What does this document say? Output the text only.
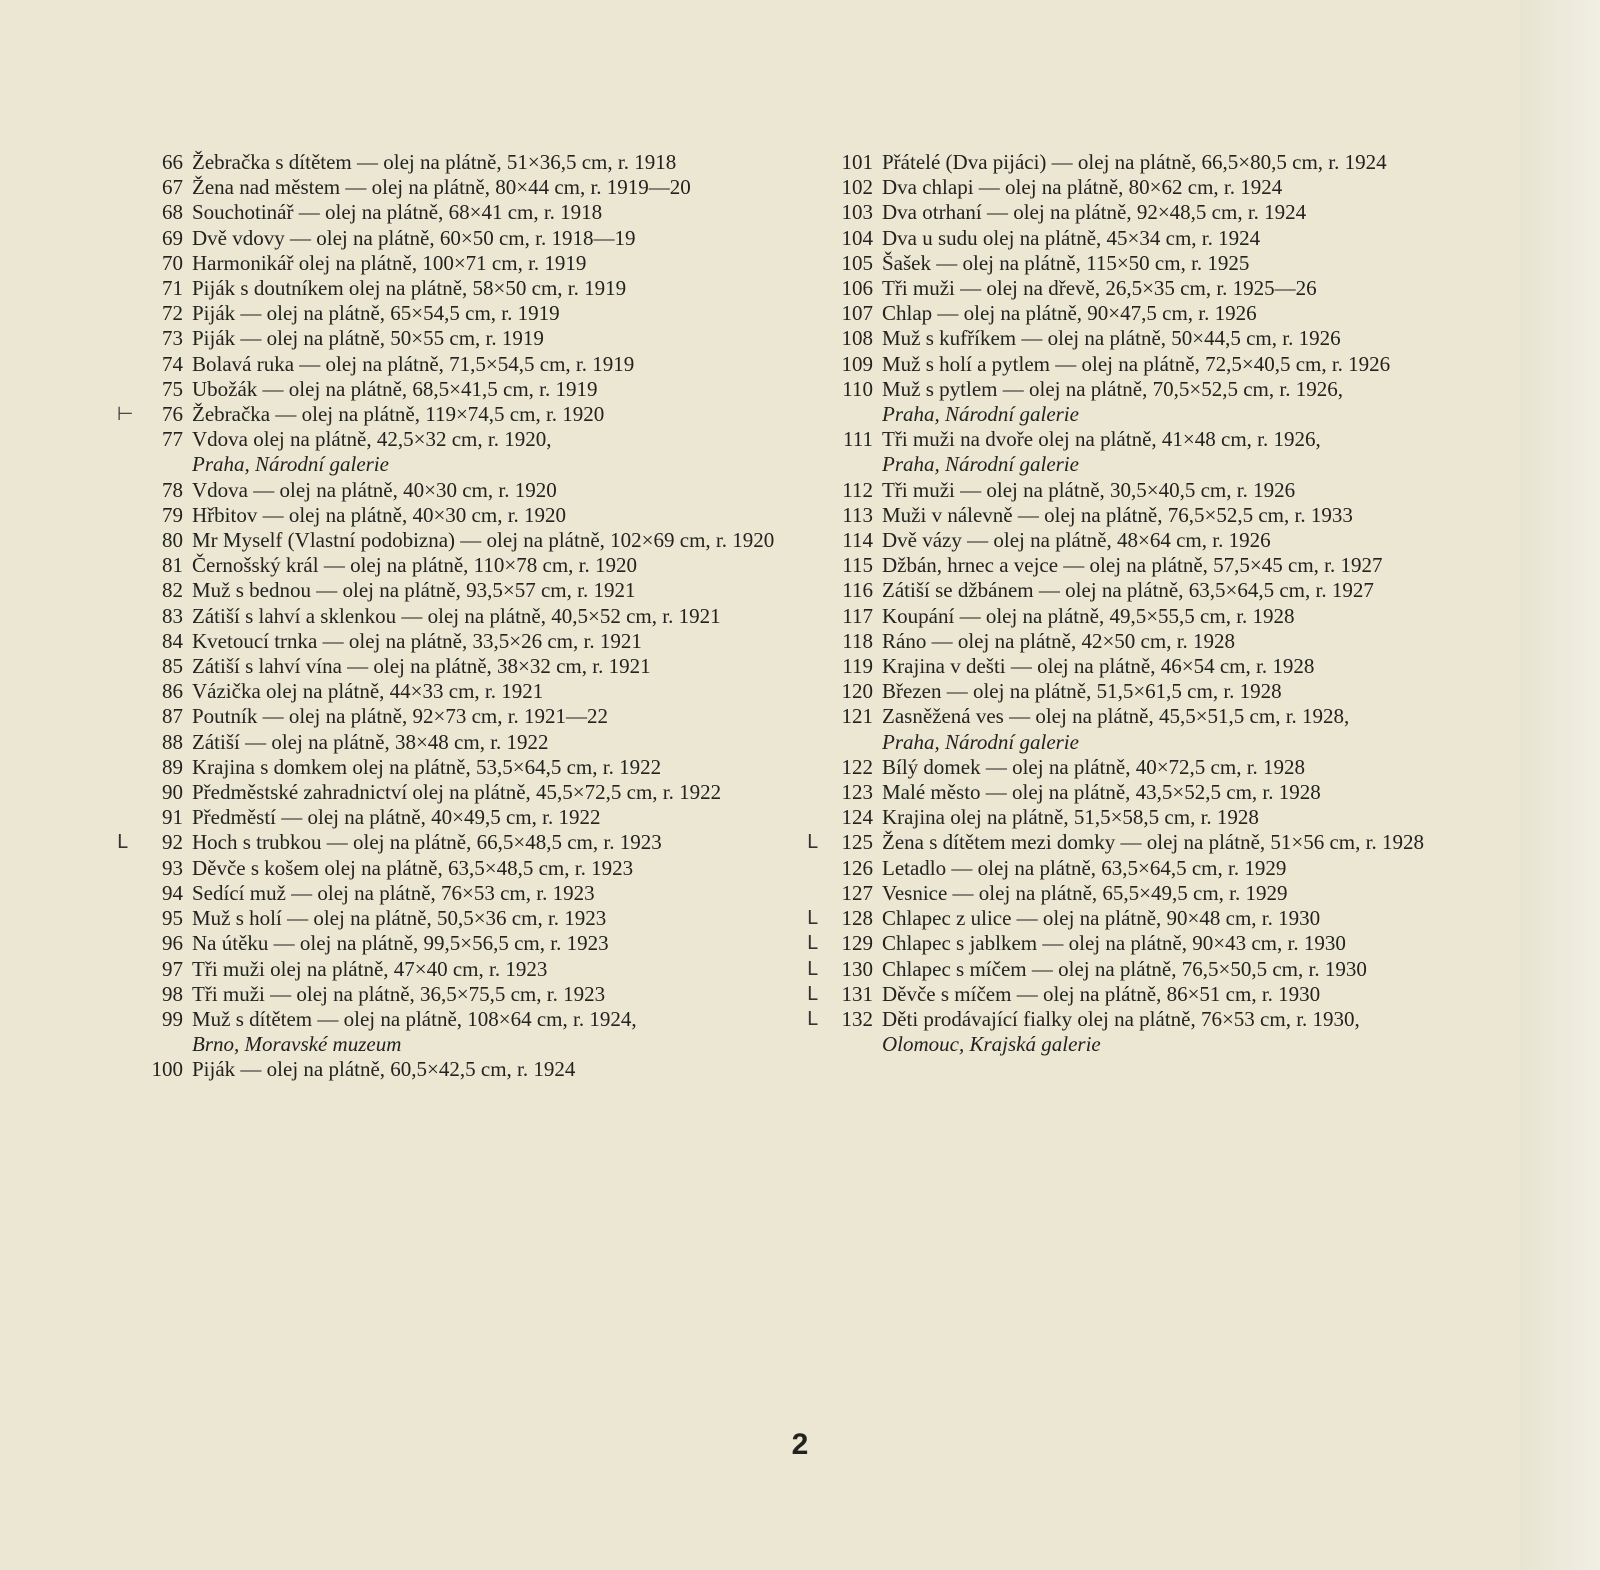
66 Žebračka s dítětem — olej na plátně, 51×36,5 cm, r. 1918
67 Žena nad městem — olej na plátně, 80×44 cm, r. 1919—20
68 Souchotinář — olej na plátně, 68×41 cm, r. 1918
69 Dvě vdovy — olej na plátně, 60×50 cm, r. 1918—19
70 Harmonikář olej na plátně, 100×71 cm, r. 1919
71 Piják s doutníkem olej na plátně, 58×50 cm, r. 1919
72 Piják — olej na plátně, 65×54,5 cm, r. 1919
73 Piják — olej na plátně, 50×55 cm, r. 1919
74 Bolavá ruka — olej na plátně, 71,5×54,5 cm, r. 1919
75 Ubožák — olej na plátně, 68,5×41,5 cm, r. 1919
⊢	76 Žebračka — olej na plátně, 119×74,5 cm, r. 1920
77 Vdova olej na plátně, 42,5×32 cm, r. 1920,
Praha, Národní galerie
78 Vdova — olej na plátně, 40×30 cm, r. 1920
79 Hřbitov — olej na plátně, 40×30 cm, r. 1920
80 Mr Myself (Vlastní podobizna) — olej na plátně, 102×69 cm, r. 1920
81 Černošský král — olej na plátně, 110×78 cm, r. 1920
82 Muž s bednou — olej na plátně, 93,5×57 cm, r. 1921
83 Zátiší s lahví a sklenkou — olej na plátně, 40,5×52 cm, r. 1921
84 Kvetoucí trnka — olej na plátně, 33,5×26 cm, r. 1921
85 Zátiší s lahví vína — olej na plátně, 38×32 cm, r. 1921
86 Vázička olej na plátně, 44×33 cm, r. 1921
87 Poutník — olej na plátně, 92×73 cm, r. 1921—22
88 Zátiší — olej na plátně, 38×48 cm, r. 1922
89 Krajina s domkem olej na plátně, 53,5×64,5 cm, r. 1922
90 Předměstské zahradnictví olej na plátně, 45,5×72,5 cm, r. 1922
91 Předměstí — olej na plátně, 40×49,5 cm, r. 1922
ᒪ	92 Hoch s trubkou — olej na plátně, 66,5×48,5 cm, r. 1923
93 Děvče s košem olej na plátně, 63,5×48,5 cm, r. 1923
94 Sedící muž — olej na plátně, 76×53 cm, r. 1923
95 Muž s holí — olej na plátně, 50,5×36 cm, r. 1923
96 Na útěku — olej na plátně, 99,5×56,5 cm, r. 1923
97 Tři muži olej na plátně, 47×40 cm, r. 1923
98 Tři muži — olej na plátně, 36,5×75,5 cm, r. 1923
99 Muž s dítětem — olej na plátně, 108×64 cm, r. 1924,
Brno, Moravské muzeum
100 Piják — olej na plátně, 60,5×42,5 cm, r. 1924
101 Přátelé (Dva pijáci) — olej na plátně, 66,5×80,5 cm, r. 1924
102 Dva chlapi — olej na plátně, 80×62 cm, r. 1924
103 Dva otrhaní — olej na plátně, 92×48,5 cm, r. 1924
104 Dva u sudu olej na plátně, 45×34 cm, r. 1924
105 Šašek — olej na plátně, 115×50 cm, r. 1925
106 Tři muži — olej na dřevě, 26,5×35 cm, r. 1925—26
107 Chlap — olej na plátně, 90×47,5 cm, r. 1926
108 Muž s kufříkem — olej na plátně, 50×44,5 cm, r. 1926
109 Muž s holí a pytlem — olej na plátně, 72,5×40,5 cm, r. 1926
110 Muž s pytlem — olej na plátně, 70,5×52,5 cm, r. 1926,
Praha, Národní galerie
111 Tři muži na dvoře olej na plátně, 41×48 cm, r. 1926,
Praha, Národní galerie
112 Tři muži — olej na plátně, 30,5×40,5 cm, r. 1926
113 Muži v nálevně — olej na plátně, 76,5×52,5 cm, r. 1933
114 Dvě vázy — olej na plátně, 48×64 cm, r. 1926
115 Džbán, hrnec a vejce — olej na plátně, 57,5×45 cm, r. 1927
116 Zátiší se džbánem — olej na plátně, 63,5×64,5 cm, r. 1927
117 Koupání — olej na plátně, 49,5×55,5 cm, r. 1928
118 Ráno — olej na plátně, 42×50 cm, r. 1928
119 Krajina v dešti — olej na plátně, 46×54 cm, r. 1928
120 Březen — olej na plátně, 51,5×61,5 cm, r. 1928
121 Zasněžená ves — olej na plátně, 45,5×51,5 cm, r. 1928,
Praha, Národní galerie
122 Bílý domek — olej na plátně, 40×72,5 cm, r. 1928
123 Malé město — olej na plátně, 43,5×52,5 cm, r. 1928
124 Krajina olej na plátně, 51,5×58,5 cm, r. 1928
ᒪ	125 Žena s dítětem mezi domky — olej na plátně, 51×56 cm, r. 1928
126 Letadlo — olej na plátně, 63,5×64,5 cm, r. 1929
127 Vesnice — olej na plátně, 65,5×49,5 cm, r. 1929
ᒪ	128 Chlapec z ulice — olej na plátně, 90×48 cm, r. 1930
ᒪ	129 Chlapec s jablkem — olej na plátně, 90×43 cm, r. 1930
ᒪ	130 Chlapec s míčem — olej na plátně, 76,5×50,5 cm, r. 1930
ᒪ	131 Děvče s míčem — olej na plátně, 86×51 cm, r. 1930
ᒪ	132 Děti prodávající fialky olej na plátně, 76×53 cm, r. 1930,
Olomouc, Krajská galerie
2
